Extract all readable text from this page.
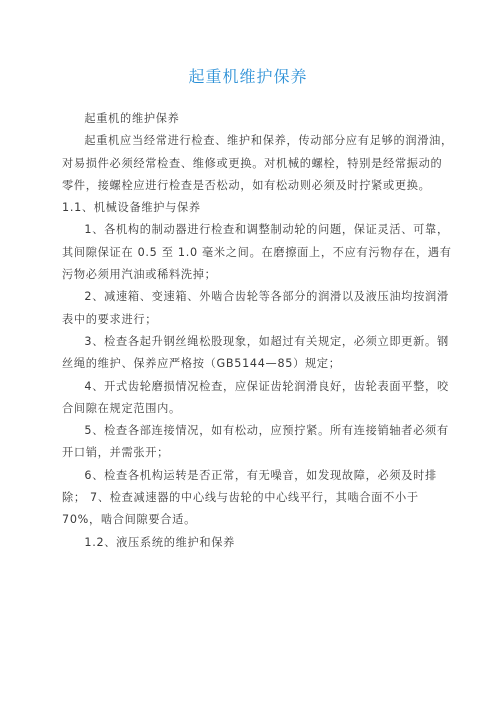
起重机维护保养

起重机的维护保养

起重机应当经常进行检查、维护和保养，传动部分应有足够的润滑油，对易损件必须经常检查、维修或更换。对机械的螺栓，特别是经常振动的零件，接螺栓应进行检查是否松动，如有松动则必须及时拧紧或更换。 1.1、机械设备维护与保养

1、各机构的制动器进行检查和调整制动轮的问题，保证灵活、可靠，其间隙保证在 0.5 至 1.0 毫米之间。在磨擦面上，不应有污物存在，遇有污物必须用汽油或稀料洗掉；

2、减速箱、变速箱、外啮合齿轮等各部分的润滑以及液压油均按润滑表中的要求进行；

3、检查各起升钢丝绳松股现象，如超过有关规定，必须立即更新。钢丝绳的维护、保养应严格按（GB5144—85）规定；

4、开式齿轮磨损情况检查，应保证齿轮润滑良好，齿轮表面平整，咬合间隙在规定范围内。

5、检查各部连接情况，如有松动，应预拧紧。所有连接销轴者必须有开口销，并需张开；

6、检查各机构运转是否正常，有无噪音，如发现故障，必须及时排除； 7、检查减速器的中心线与齿轮的中心线平行，其啮合面不小于 70%，啮合间隙要合适。

1.2、液压系统的维护和保养
